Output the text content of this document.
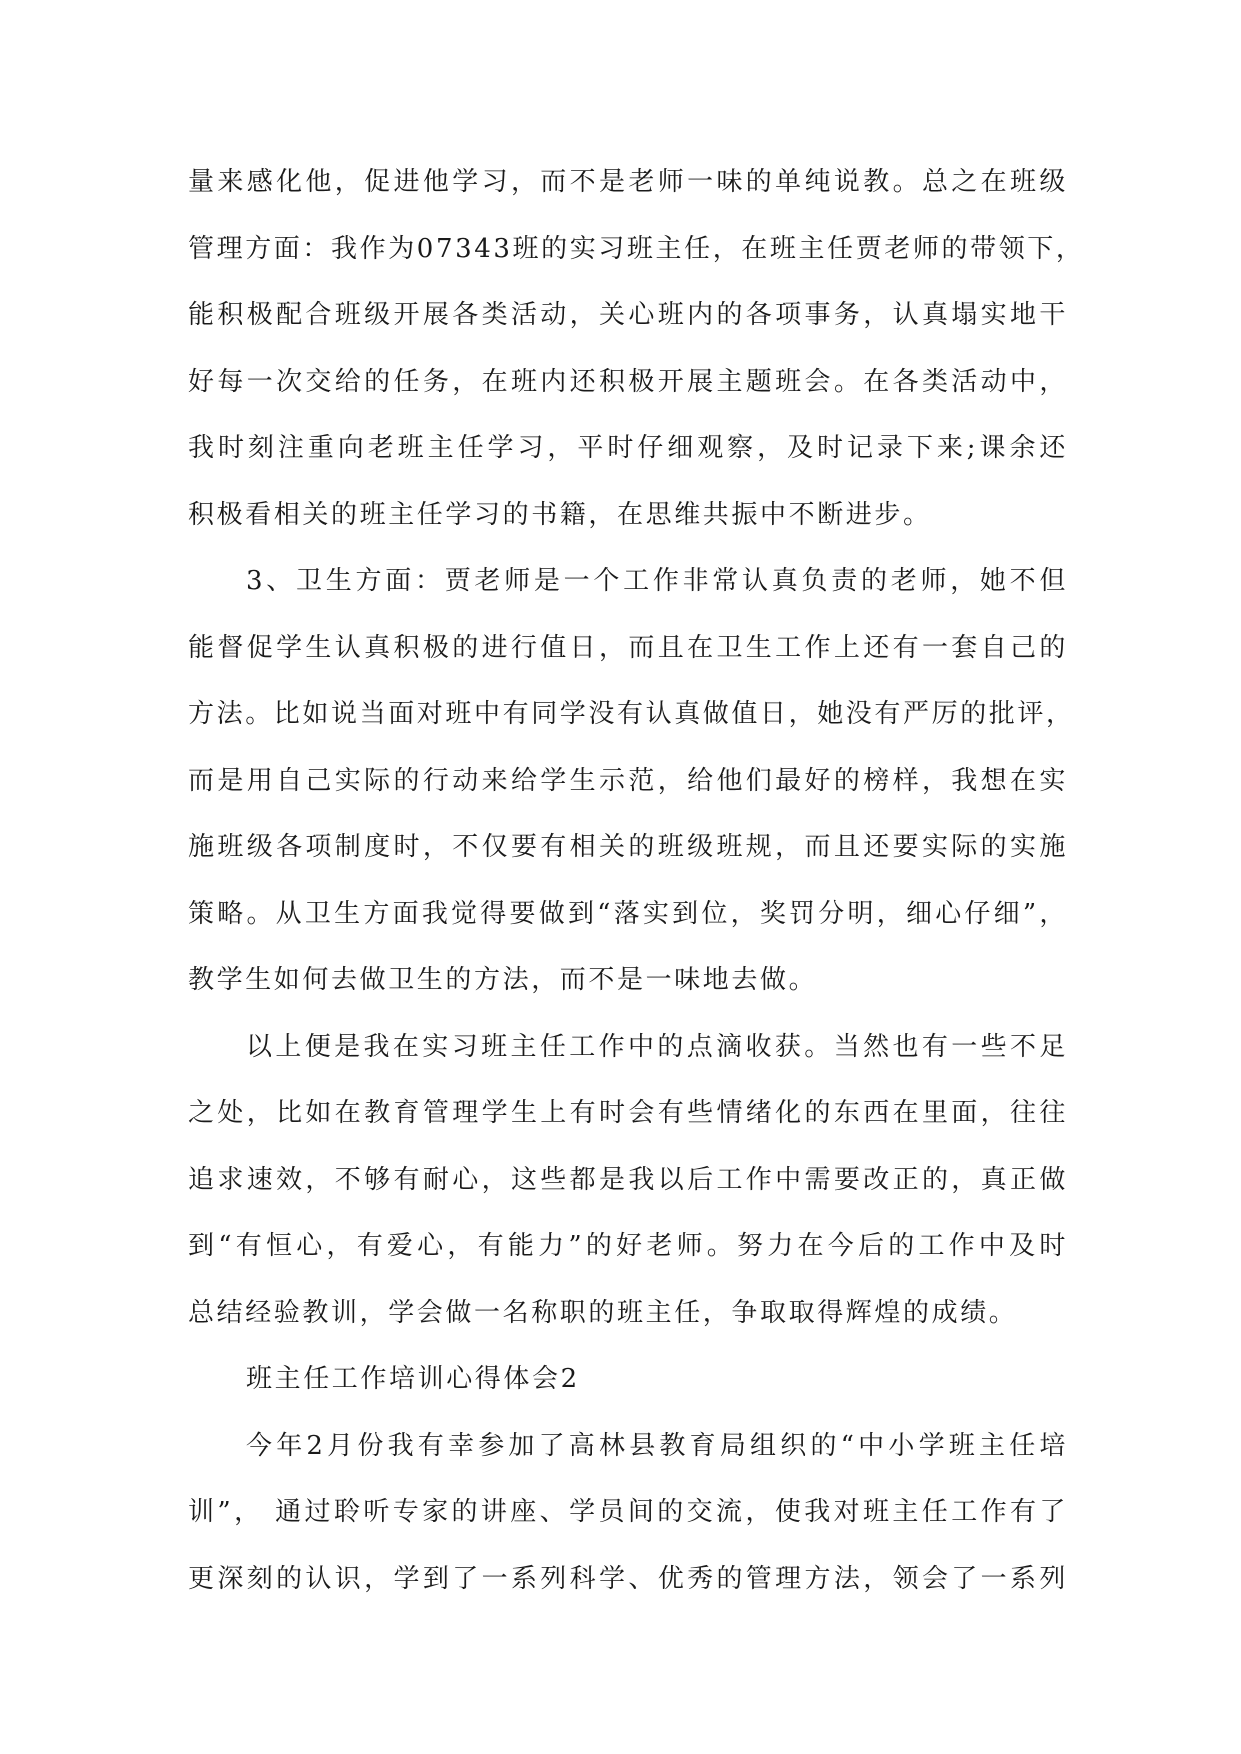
量来感化他，促进他学习，而不是老师一味的单纯说教。总之在班级
管理方面：我作为07343班的实习班主任，在班主任贾老师的带领下，
能积极配合班级开展各类活动，关心班内的各项事务，认真塌实地干
好每一次交给的任务，在班内还积极开展主题班会。在各类活动中，
我时刻注重向老班主任学习，平时仔细观察，及时记录下来;课余还
积极看相关的班主任学习的书籍，在思维共振中不断进步。
3、卫生方面：贾老师是一个工作非常认真负责的老师，她不但
能督促学生认真积极的进行值日，而且在卫生工作上还有一套自己的
方法。比如说当面对班中有同学没有认真做值日，她没有严厉的批评，
而是用自己实际的行动来给学生示范，给他们最好的榜样，我想在实
施班级各项制度时，不仅要有相关的班级班规，而且还要实际的实施
策略。从卫生方面我觉得要做到“落实到位，奖罚分明，细心仔细”，
教学生如何去做卫生的方法，而不是一味地去做。
以上便是我在实习班主任工作中的点滴收获。当然也有一些不足
之处，比如在教育管理学生上有时会有些情绪化的东西在里面，往往
追求速效，不够有耐心，这些都是我以后工作中需要改正的，真正做
到“有恒心，有爱心，有能力”的好老师。努力在今后的工作中及时
总结经验教训，学会做一名称职的班主任，争取取得辉煌的成绩。
班主任工作培训心得体会2
今年2月份我有幸参加了高林县教育局组织的“中小学班主任培
训”， 通过聆听专家的讲座、学员间的交流，使我对班主任工作有了
更深刻的认识，学到了一系列科学、优秀的管理方法，领会了一系列
